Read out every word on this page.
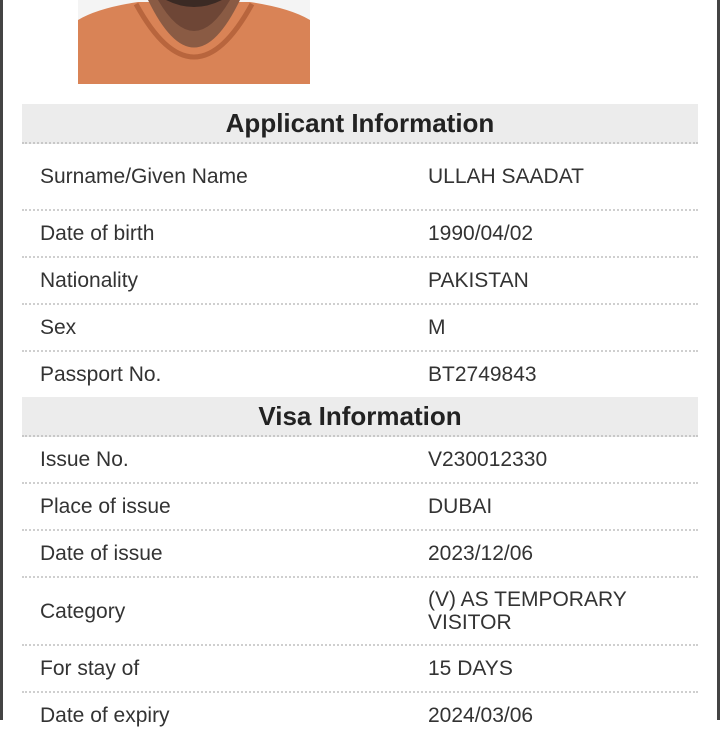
Applicant Information
Surname/Given Name	ULLAH SAADAT
Date of birth	1990/04/02
Nationality	PAKISTAN
Sex	M
Passport No.	BT2749843
Visa Information
Issue No.	V230012330
Place of issue	DUBAI
Date of issue	2023/12/06
Category	(V) AS TEMPORARY VISITOR
For stay of	15 DAYS
Date of expiry	2024/03/06
